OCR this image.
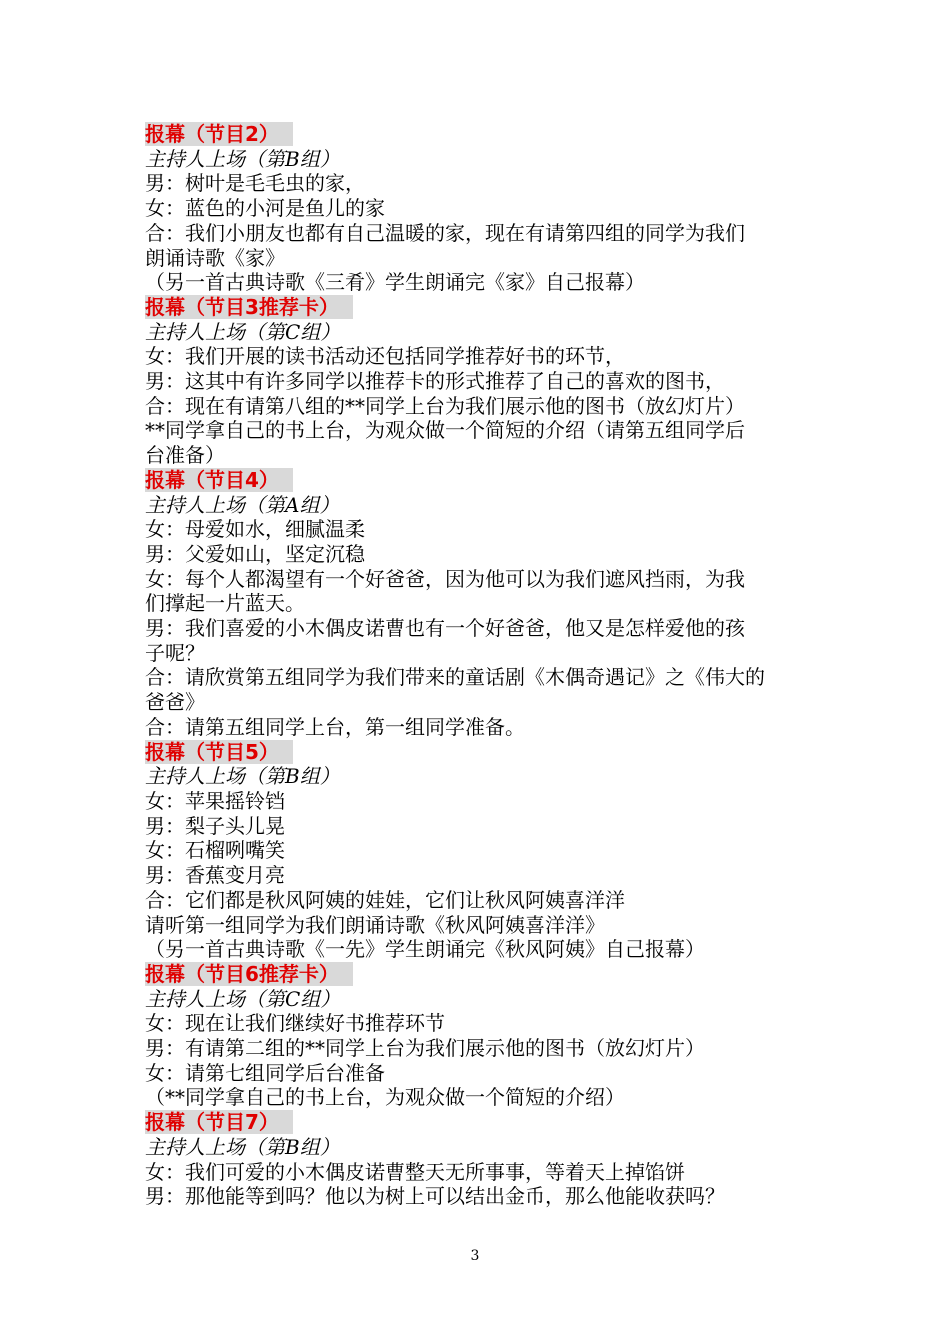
报幕（节目2）
主持人上场（第B组）
男：树叶是毛毛虫的家，
女：蓝色的小河是鱼儿的家
合：我们小朋友也都有自己温暖的家，现在有请第四组的同学为我们
朗诵诗歌《家》
（另一首古典诗歌《三肴》学生朗诵完《家》自己报幕）
报幕（节目3推荐卡）
主持人上场（第C组）
女：我们开展的读书活动还包括同学推荐好书的环节，
男：这其中有许多同学以推荐卡的形式推荐了自己的喜欢的图书，
合：现在有请第八组的**同学上台为我们展示他的图书（放幻灯片）
**同学拿自己的书上台，为观众做一个简短的介绍（请第五组同学后
台准备）
报幕（节目4）
主持人上场（第A组）
女：母爱如水，细腻温柔
男：父爱如山，坚定沉稳
女：每个人都渴望有一个好爸爸，因为他可以为我们遮风挡雨，为我
们撑起一片蓝天。
男：我们喜爱的小木偶皮诺曹也有一个好爸爸，他又是怎样爱他的孩
子呢？
合：请欣赏第五组同学为我们带来的童话剧《木偶奇遇记》之《伟大的
爸爸》
合：请第五组同学上台，第一组同学准备。
报幕（节目5）
主持人上场（第B组）
女：苹果摇铃铛
男：梨子头儿晃
女：石榴咧嘴笑
男：香蕉变月亮
合：它们都是秋风阿姨的娃娃，它们让秋风阿姨喜洋洋
请听第一组同学为我们朗诵诗歌《秋风阿姨喜洋洋》
（另一首古典诗歌《一先》学生朗诵完《秋风阿姨》自己报幕）
报幕（节目6推荐卡）
主持人上场（第C组）
女：现在让我们继续好书推荐环节
男：有请第二组的**同学上台为我们展示他的图书（放幻灯片）
女：请第七组同学后台准备
（**同学拿自己的书上台，为观众做一个简短的介绍）
报幕（节目7）
主持人上场（第B组）
女：我们可爱的小木偶皮诺曹整天无所事事，等着天上掉馅饼
男：那他能等到吗？他以为树上可以结出金币，那么他能收获吗？
3
